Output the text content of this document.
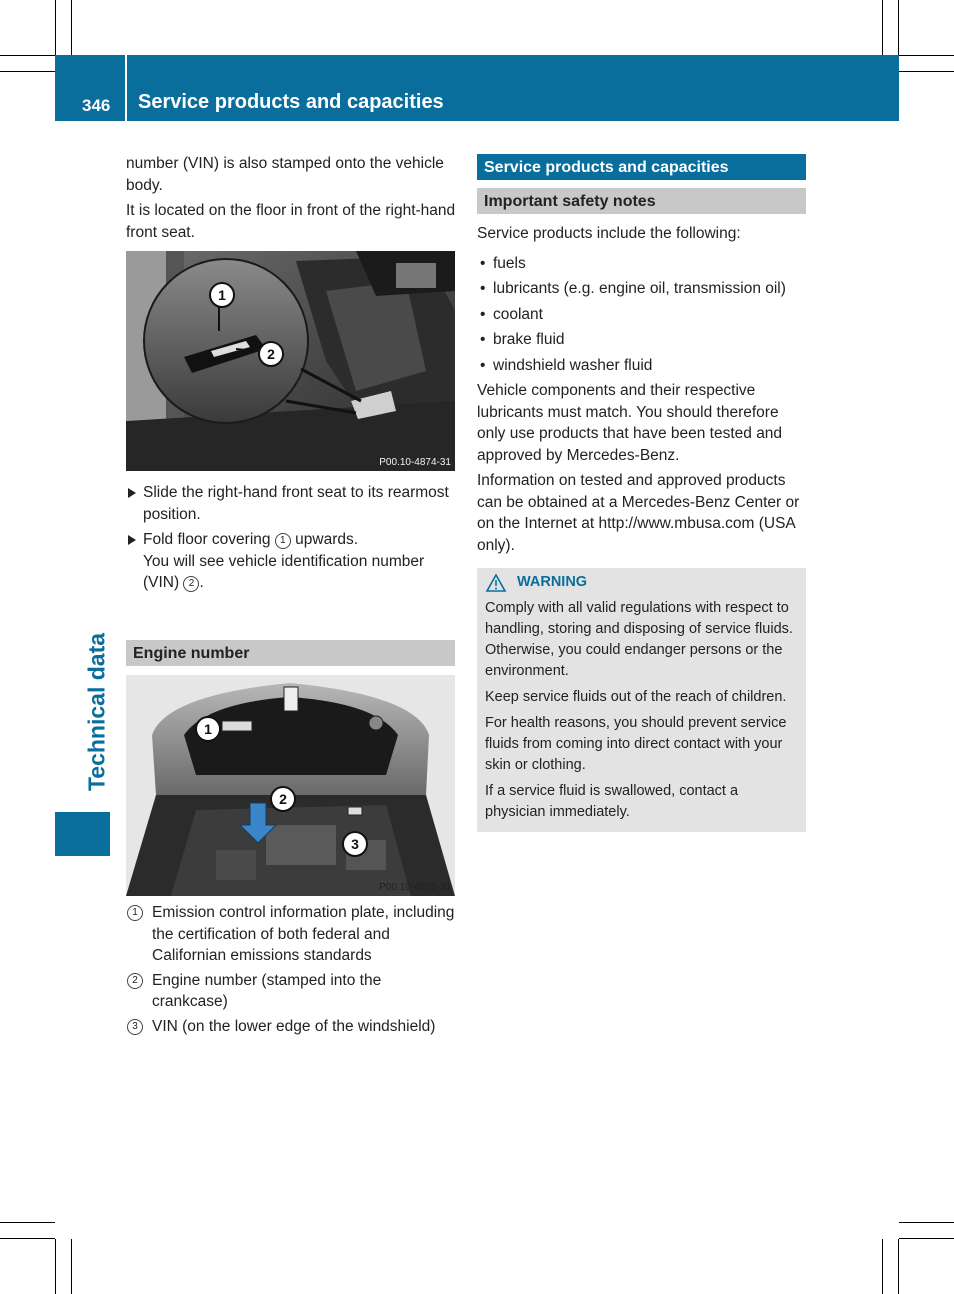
346 Service products and capacities
Technical data

number (VIN) is also stamped onto the vehicle body.

It is located on the floor in front of the right-hand front seat.

1
2
P00.10-4874-31
Slide the right-hand front seat to its rearmost position.
Fold floor covering 1 upwards.
You will see vehicle identification number (VIN) 2 .
Engine number
1
2
3
P00.10-4875-31
1 Emission control information plate, including the certification of both federal and Californian emissions standards
2 Engine number (stamped into the crankcase)
3 VIN (on the lower edge of the windshield)
Service products and capacities
Important safety notes

Service products include the following:

• fuels
• lubricants (e.g. engine oil, transmission oil)
• coolant
• brake fluid
• windshield washer fluid

Vehicle components and their respective lubricants must match. You should therefore only use products that have been tested and approved by Mercedes-Benz.

Information on tested and approved products can be obtained at a Mercedes-Benz Center or on the Internet at http://www.mbusa.com (USA only).

WARNING

Comply with all valid regulations with respect to handling, storing and disposing of service fluids. Otherwise, you could endanger persons or the environment.

Keep service fluids out of the reach of children.

For health reasons, you should prevent service fluids from coming into direct contact with your skin or clothing.

If a service fluid is swallowed, contact a physician immediately.
